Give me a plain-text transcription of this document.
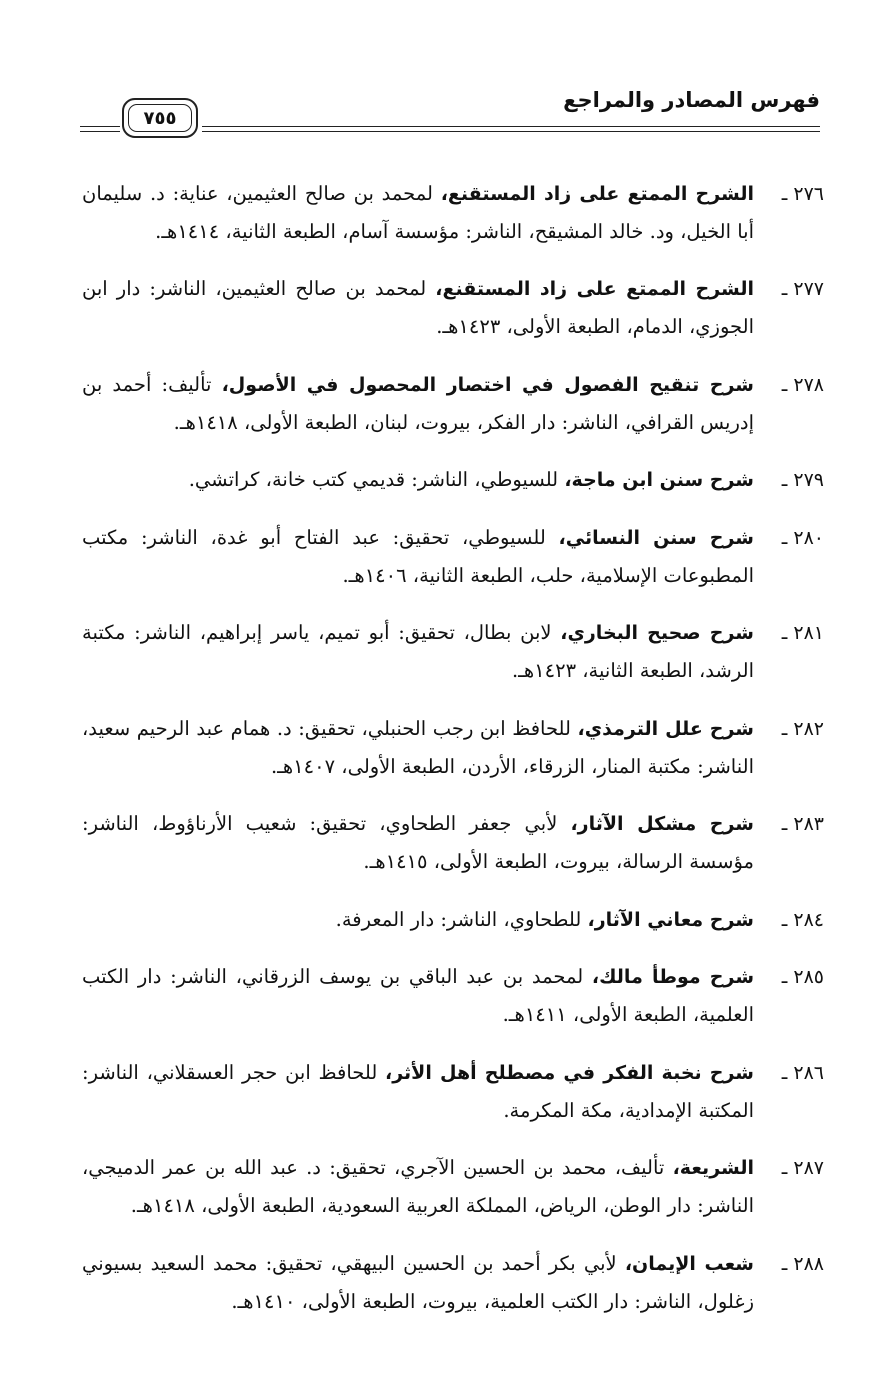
فهرس المصادر والمراجع
٧٥٥

٢٧٦ ـالشرح الممتع على زاد المستقنع، لمحمد بن صالح العثيمين، عناية: د. سليمان أبا الخيل، ود. خالد المشيقح، الناشر: مؤسسة آسام، الطبعة الثانية، ١٤١٤هـ.

٢٧٧ ـالشرح الممتع على زاد المستقنع، لمحمد بن صالح العثيمين، الناشر: دار ابن الجوزي، الدمام، الطبعة الأولى، ١٤٢٣هـ.

٢٧٨ ـشرح تنقيح الفصول في اختصار المحصول في الأصول، تأليف: أحمد بن إدريس القرافي، الناشر: دار الفكر، بيروت، لبنان، الطبعة الأولى، ١٤١٨هـ.

٢٧٩ ـشرح سنن ابن ماجة، للسيوطي، الناشر: قديمي كتب خانة، كراتشي.

٢٨٠ ـشرح سنن النسائي، للسيوطي، تحقيق: عبد الفتاح أبو غدة، الناشر: مكتب المطبوعات الإسلامية، حلب، الطبعة الثانية، ١٤٠٦هـ.

٢٨١ ـشرح صحيح البخاري، لابن بطال، تحقيق: أبو تميم، ياسر إبراهيم، الناشر: مكتبة الرشد، الطبعة الثانية، ١٤٢٣هـ.

٢٨٢ ـشرح علل الترمذي، للحافظ ابن رجب الحنبلي، تحقيق: د. همام عبد الرحيم سعيد، الناشر: مكتبة المنار، الزرقاء، الأردن، الطبعة الأولى، ١٤٠٧هـ.

٢٨٣ ـشرح مشكل الآثار، لأبي جعفر الطحاوي، تحقيق: شعيب الأرناؤوط، الناشر: مؤسسة الرسالة، بيروت، الطبعة الأولى، ١٤١٥هـ.

٢٨٤ ـشرح معاني الآثار، للطحاوي، الناشر: دار المعرفة.

٢٨٥ ـشرح موطأ مالك، لمحمد بن عبد الباقي بن يوسف الزرقاني، الناشر: دار الكتب العلمية، الطبعة الأولى، ١٤١١هـ.

٢٨٦ ـشرح نخبة الفكر في مصطلح أهل الأثر، للحافظ ابن حجر العسقلاني، الناشر: المكتبة الإمدادية، مكة المكرمة.

٢٨٧ ـالشريعة، تأليف، محمد بن الحسين الآجري، تحقيق: د. عبد الله بن عمر الدميجي، الناشر: دار الوطن، الرياض، المملكة العربية السعودية، الطبعة الأولى، ١٤١٨هـ.

٢٨٨ ـشعب الإيمان، لأبي بكر أحمد بن الحسين البيهقي، تحقيق: محمد السعيد بسيوني زغلول، الناشر: دار الكتب العلمية، بيروت، الطبعة الأولى، ١٤١٠هـ.
